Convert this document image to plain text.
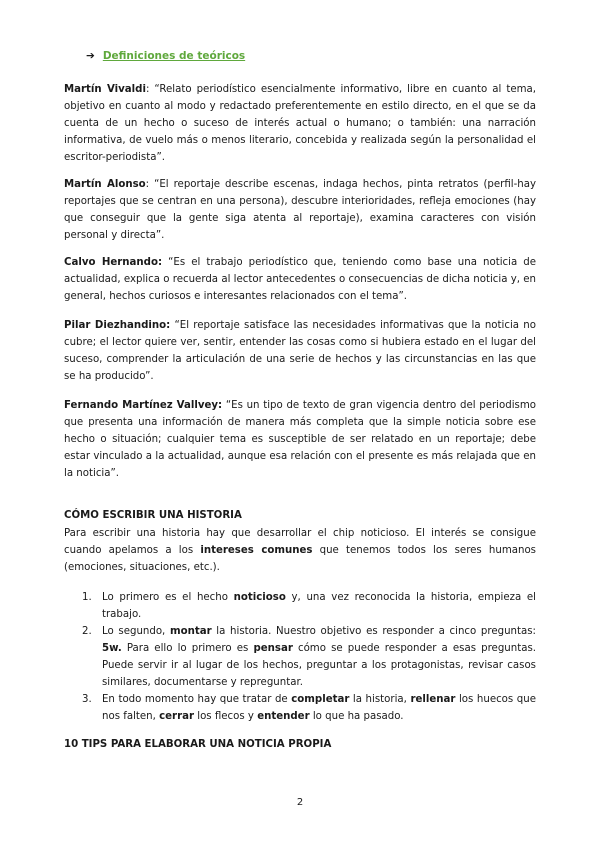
➔ Definiciones de teóricos

Martín Vivaldi: “Relato periodístico esencialmente informativo, libre en cuanto al tema, objetivo en cuanto al modo y redactado preferentemente en estilo directo, en el que se da cuenta de un hecho o suceso de interés actual o humano; o también: una narración informativa, de vuelo más o menos literario, concebida y realizada según la personalidad el escritor-periodista”.

Martín Alonso: “El reportaje describe escenas, indaga hechos, pinta retratos (perfil-hay reportajes que se centran en una persona), descubre interioridades, refleja emociones (hay que conseguir que la gente siga atenta al reportaje), examina caracteres con visión personal y directa”.

Calvo Hernando: “Es el trabajo periodístico que, teniendo como base una noticia de actualidad, explica o recuerda al lector antecedentes o consecuencias de dicha noticia y, en general, hechos curiosos e interesantes relacionados con el tema”.

Pilar Diezhandino: “El reportaje satisface las necesidades informativas que la noticia no cubre; el lector quiere ver, sentir, entender las cosas como si hubiera estado en el lugar del suceso, comprender la articulación de una serie de hechos y las circunstancias en las que se ha producido”.

Fernando Martínez Vallvey: “Es un tipo de texto de gran vigencia dentro del periodismo que presenta una información de manera más completa que la simple noticia sobre ese hecho o situación; cualquier tema es susceptible de ser relatado en un reportaje; debe estar vinculado a la actualidad, aunque esa relación con el presente es más relajada que en la noticia”.

CÓMO ESCRIBIR UNA HISTORIA

Para escribir una historia hay que desarrollar el chip noticioso. El interés se consigue cuando apelamos a los intereses comunes que tenemos todos los seres humanos (emociones, situaciones, etc.).

1. Lo primero es el hecho noticioso y, una vez reconocida la historia, empieza el trabajo.
2. Lo segundo, montar la historia. Nuestro objetivo es responder a cinco preguntas: 5w. Para ello lo primero es pensar cómo se puede responder a esas preguntas. Puede servir ir al lugar de los hechos, preguntar a los protagonistas, revisar casos similares, documentarse y repreguntar.
3. En todo momento hay que tratar de completar la historia, rellenar los huecos que nos falten, cerrar los flecos y entender lo que ha pasado.

10 TIPS PARA ELABORAR UNA NOTICIA PROPIA

2
